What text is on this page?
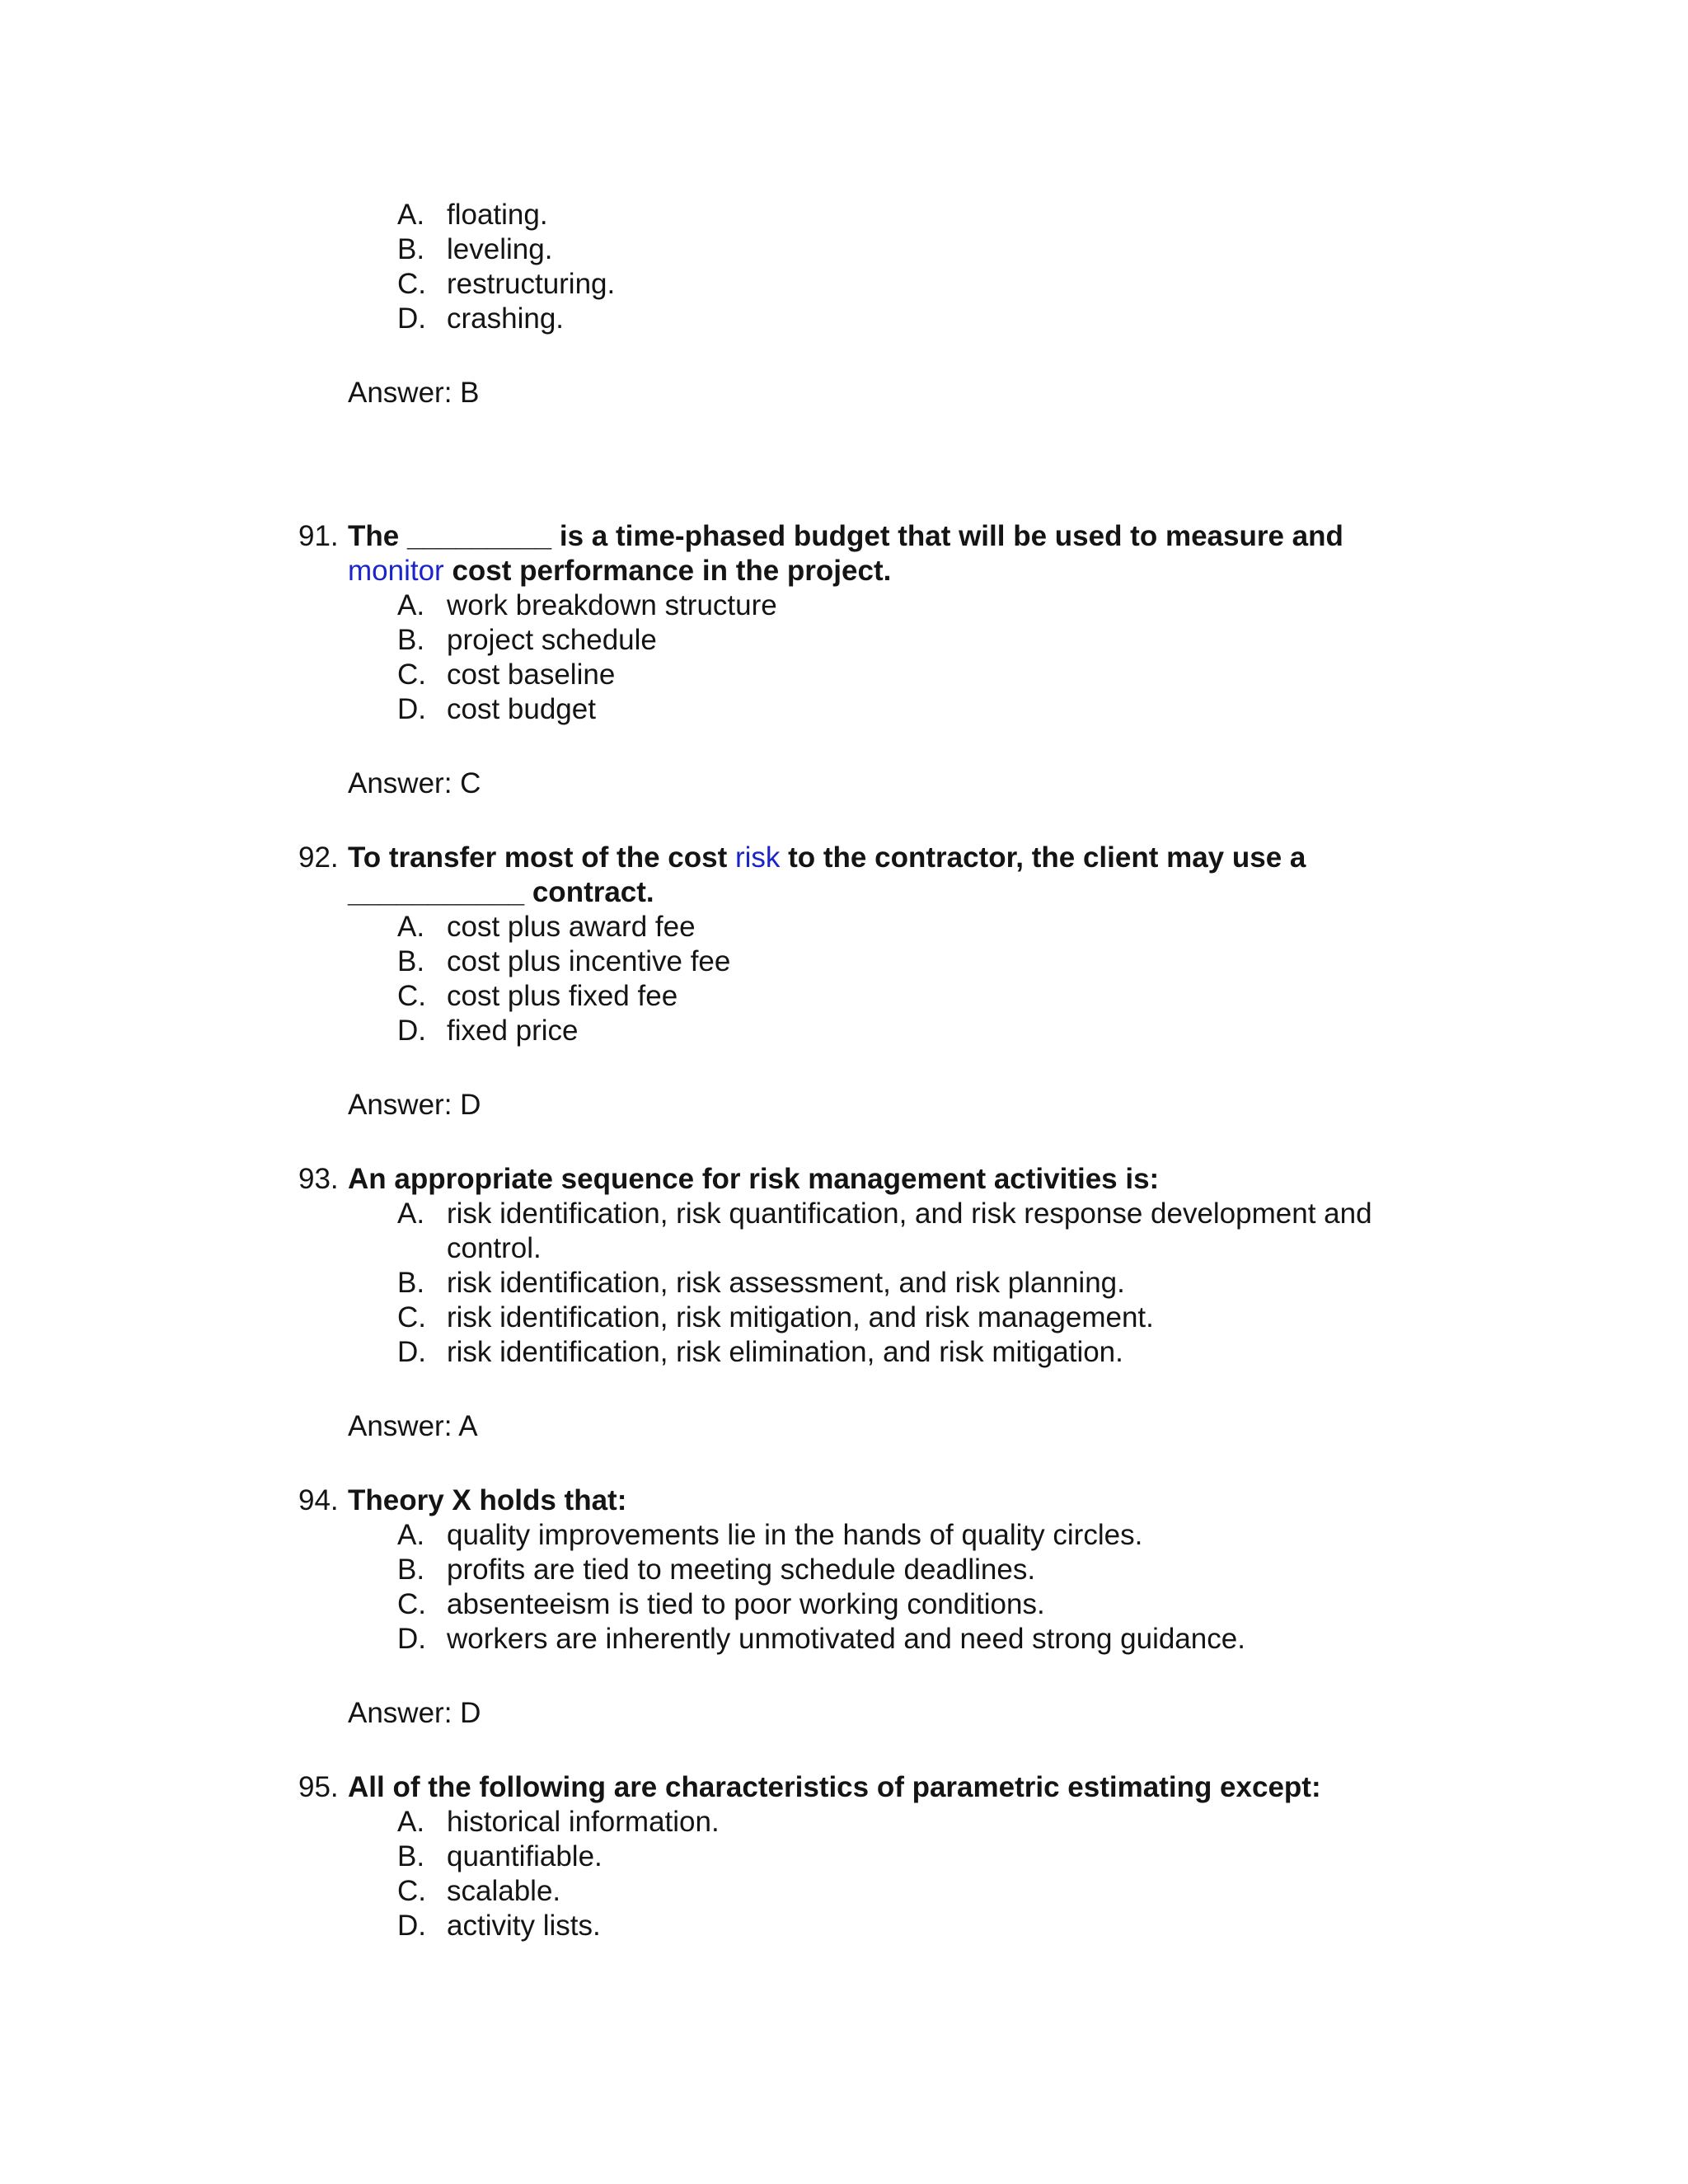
A. floating.
B. leveling.
C. restructuring.
D. crashing.
Answer: B
91. The _________ is a time-phased budget that will be used to measure and monitor cost performance in the project.
A. work breakdown structure
B. project schedule
C. cost baseline
D. cost budget
Answer: C
92. To transfer most of the cost risk to the contractor, the client may use a ___________ contract.
A. cost plus award fee
B. cost plus incentive fee
C. cost plus fixed fee
D. fixed price
Answer: D
93. An appropriate sequence for risk management activities is:
A. risk identification, risk quantification, and risk response development and control.
B. risk identification, risk assessment, and risk planning.
C. risk identification, risk mitigation, and risk management.
D. risk identification, risk elimination, and risk mitigation.
Answer: A
94. Theory X holds that:
A. quality improvements lie in the hands of quality circles.
B. profits are tied to meeting schedule deadlines.
C. absenteeism is tied to poor working conditions.
D. workers are inherently unmotivated and need strong guidance.
Answer: D
95. All of the following are characteristics of parametric estimating except:
A. historical information.
B. quantifiable.
C. scalable.
D. activity lists.
